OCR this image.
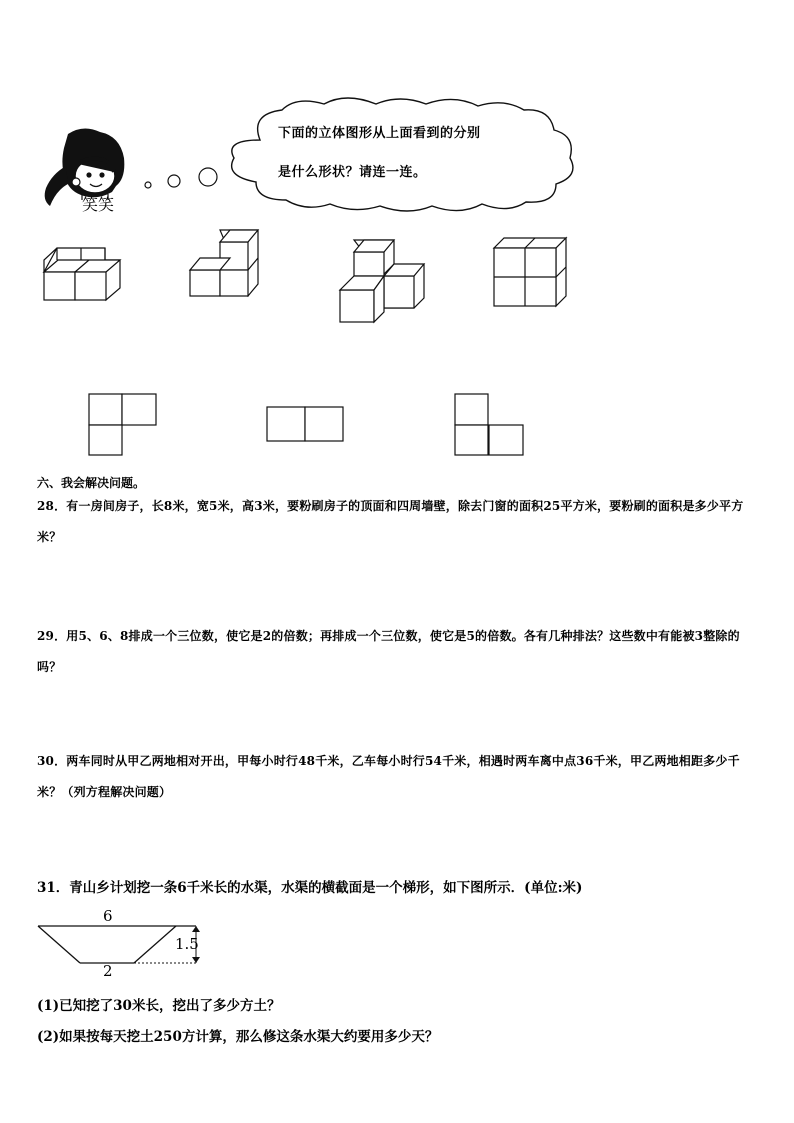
笑笑
下面的立体图形从上面看到的分别
是什么形状？请连一连。
六、我会解决问题。
28．有一房间房子，长8米，宽5米，高3米，要粉刷房子的顶面和四周墙壁，除去门窗的面积25平方米，要粉刷的面积是多少平方米？
29．用5、6、8排成一个三位数，使它是2的倍数；再排成一个三位数，使它是5的倍数。各有几种排法？这些数中有能被3整除的吗？
30．两车同时从甲乙两地相对开出，甲每小时行48千米，乙车每小时行54千米，相遇时两车离中点36千米，甲乙两地相距多少千米？（列方程解决问题）
31．青山乡计划挖一条6千米长的水渠，水渠的横截面是一个梯形，如下图所示．(单位:米)
6
1.5
2
(1)已知挖了30米长，挖出了多少方土？
(2)如果按每天挖土250方计算，那么修这条水渠大约要用多少天？
